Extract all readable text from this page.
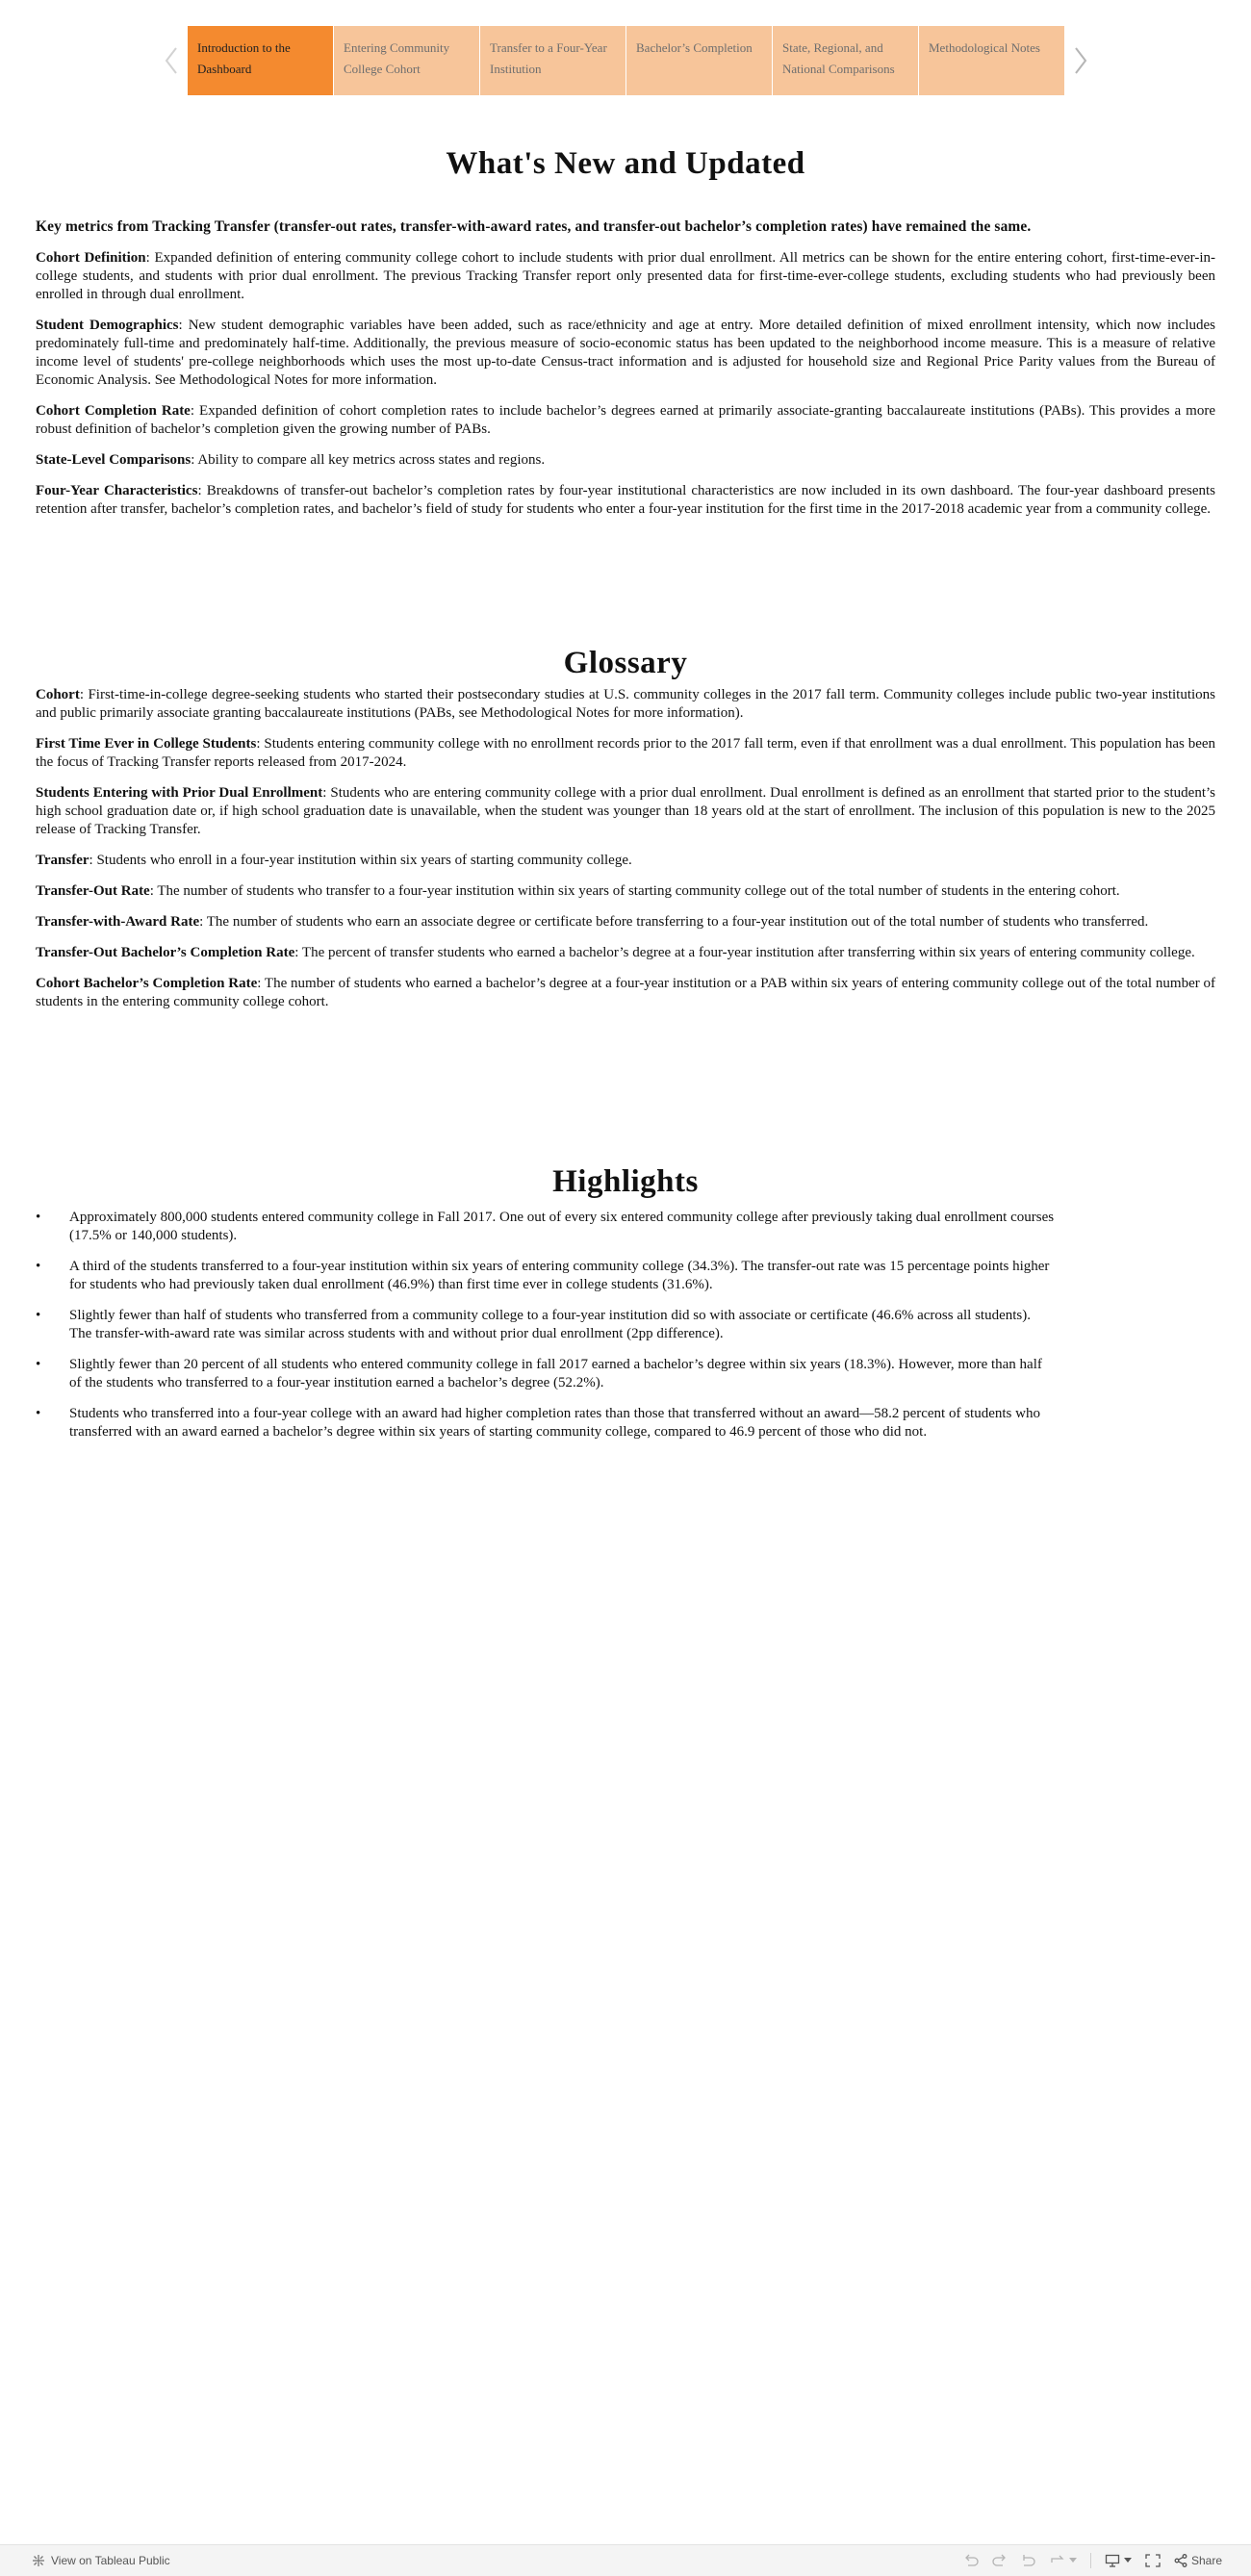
Introduction to the
Dashboard
Entering Community
College Cohort
Transfer to a Four-Year
Institution
Bachelor’s Completion	State, Regional, and
National Comparisons
Methodological Notes
What's New and Updated

Key metrics from Tracking Transfer (transfer-out rates, transfer-with-award rates, and transfer-out bachelor’s completion rates) have remained the same.

Cohort Definition: Expanded definition of entering community college cohort to include students with prior dual enrollment. All metrics can be shown for the entire entering cohort, first-time-ever-in-college students, and students with prior dual enrollment. The previous Tracking Transfer report only presented data for first-time-ever-college students, excluding students who had previously been enrolled in through dual enrollment.

Student Demographics: New student demographic variables have been added, such as race/ethnicity and age at entry. More detailed definition of mixed enrollment intensity, which now includes predominately full-time and predominately half-time. Additionally, the previous measure of socio-economic status has been updated to the neighborhood income measure. This is a measure of relative income level of students' pre-college neighborhoods which uses the most up-to-date Census-tract information and is adjusted for household size and Regional Price Parity values from the Bureau of Economic Analysis. See Methodological Notes for more information.

Cohort Completion Rate: Expanded definition of cohort completion rates to include bachelor’s degrees earned at primarily associate-granting baccalaureate institutions (PABs). This provides a more robust definition of bachelor’s completion given the growing number of PABs.

State-Level Comparisons: Ability to compare all key metrics across states and regions.

Four-Year Characteristics: Breakdowns of transfer-out bachelor’s completion rates by four-year institutional characteristics are now included in its own dashboard. The four-year dashboard presents retention after transfer, bachelor’s completion rates, and bachelor’s field of study for students who enter a four-year institution for the first time in the 2017-2018 academic year from a community college.

Glossary

Cohort: First-time-in-college degree-seeking students who started their postsecondary studies at U.S. community colleges in the 2017 fall term. Community colleges include public two-year institutions and public primarily associate granting baccalaureate institutions (PABs, see Methodological Notes for more information).

First Time Ever in College Students: Students entering community college with no enrollment records prior to the 2017 fall term, even if that enrollment was a dual enrollment. This population has been the focus of Tracking Transfer reports released from 2017-2024.

Students Entering with Prior Dual Enrollment: Students who are entering community college with a prior dual enrollment. Dual enrollment is defined as an enrollment that started prior to the student’s high school graduation date or, if high school graduation date is unavailable, when the student was younger than 18 years old at the start of enrollment. The inclusion of this population is new to the 2025 release of Tracking Transfer.

Transfer: Students who enroll in a four-year institution within six years of starting community college.

Transfer-Out Rate: The number of students who transfer to a four-year institution within six years of starting community college out of the total number of students in the entering cohort.

Transfer-with-Award Rate: The number of students who earn an associate degree or certificate before transferring to a four-year institution out of the total number of students who transferred.

Transfer-Out Bachelor’s Completion Rate: The percent of transfer students who earned a bachelor’s degree at a four-year institution after transferring within six years of entering community college.

Cohort Bachelor’s Completion Rate: The number of students who earned a bachelor’s degree at a four-year institution or a PAB within six years of entering community college out of the total number of students in the entering community college cohort.

Highlights
• Approximately 800,000 students entered community college in Fall 2017. One out of every six entered community college after previously taking dual enrollment courses
(17.5% or 140,000 students).
• A third of the students transferred to a four-year institution within six years of entering community college (34.3%). The transfer-out rate was 15 percentage points higher
for students who had previously taken dual enrollment (46.9%) than first time ever in college students (31.6%).
• Slightly fewer than half of students who transferred from a community college to a four-year institution did so with associate or certificate (46.6% across all students).
The transfer-with-award rate was similar across students with and without prior dual enrollment (2pp difference).
• Slightly fewer than 20 percent of all students who entered community college in fall 2017 earned a bachelor’s degree within six years (18.3%). However, more than half
of the students who transferred to a four-year institution earned a bachelor’s degree (52.2%).
• Students who transferred into a four-year college with an award had higher completion rates than those that transferred without an award—58.2 percent of students who
transferred with an award earned a bachelor’s degree within six years of starting community college, compared to 46.9 percent of those who did not.
View on Tableau Public	Share
